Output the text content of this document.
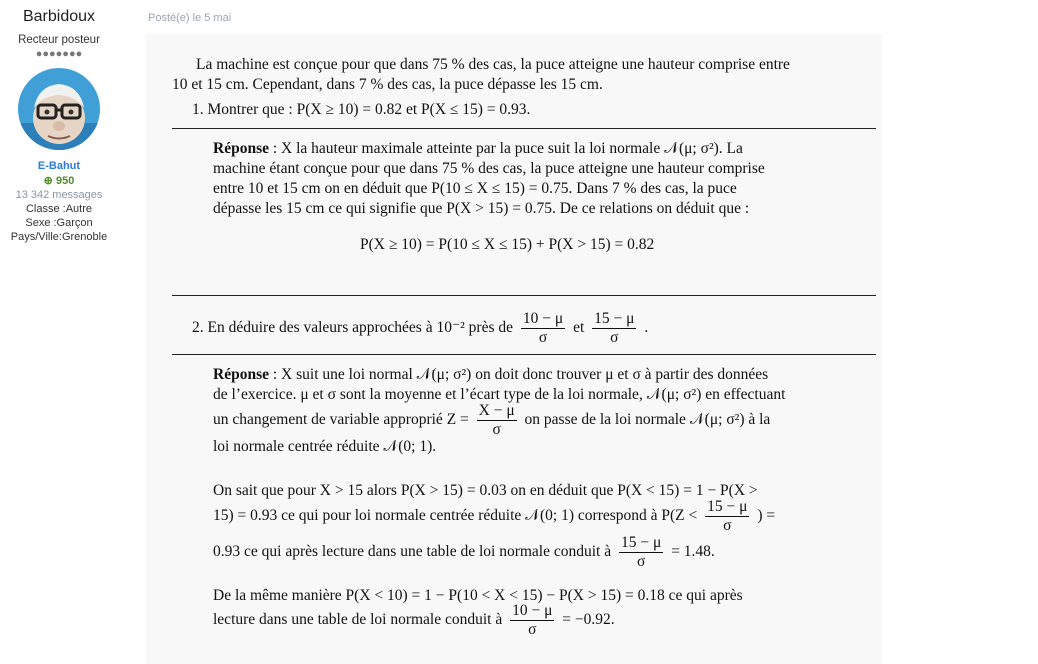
Barbidoux
Recteur posteur
●●●●●●●
E-Bahut
⊕ 950
13 342 messages
Classe :Autre
Sexe :Garçon
Pays/Ville:Grenoble
Posté(e) le 5 mai
La machine est conçue pour que dans 75 % des cas, la puce atteigne une hauteur comprise entre
10 et 15 cm. Cependant, dans 7 % des cas, la puce dépasse les 15 cm.
1. Montrer que : P(X ≥ 10) = 0.82 et P(X ≤ 15) = 0.93.
Réponse : X la hauteur maximale atteinte par la puce suit la loi normale 𝒩(μ; σ²). La
machine étant conçue pour que dans 75 % des cas, la puce atteigne une hauteur comprise
entre 10 et 15 cm on en déduit que P(10 ≤ X ≤ 15) = 0.75. Dans 7 % des cas, la puce
dépasse les 15 cm ce qui signifie que P(X > 15) = 0.75. De ce relations on déduit que :
P(X ≥ 10) = P(10 ≤ X ≤ 15) + P(X > 15) = 0.82
2. En déduire des valeurs approchées à 10⁻² près de $\frac{10 - \mu}{\sigma}$ et $\frac{15 - \mu}{\sigma}$ .
Réponse : X suit une loi normal 𝒩(μ; σ²) on doit donc trouver μ et σ à partir des données
de l’exercice. μ et σ sont la moyenne et l’écart type de la loi normale, 𝒩(μ; σ²) en effectuant
un changement de variable approprié $Z = \frac{X - \mu}{\sigma}$ on passe de la loi normale 𝒩(μ; σ²) à la
loi normale centrée réduite 𝒩(0; 1).
On sait que pour X > 15 alors P(X > 15) = 0.03 on en déduit que P(X < 15) = 1 − P(X >
15) = 0.93 ce qui pour loi normale centrée réduite 𝒩(0; 1) correspond à $P(Z < \frac{15 - \mu}{\sigma}$ ) =
0.93 ce qui après lecture dans une table de loi normale conduit à $\frac{15 - \mu}{\sigma} = 1.48$.
De la même manière P(X < 10) = 1 − P(10 < X < 15) − P(X > 15) = 0.18 ce qui après
lecture dans une table de loi normale conduit à $\frac{10 - \mu}{\sigma} = -0.92$.
